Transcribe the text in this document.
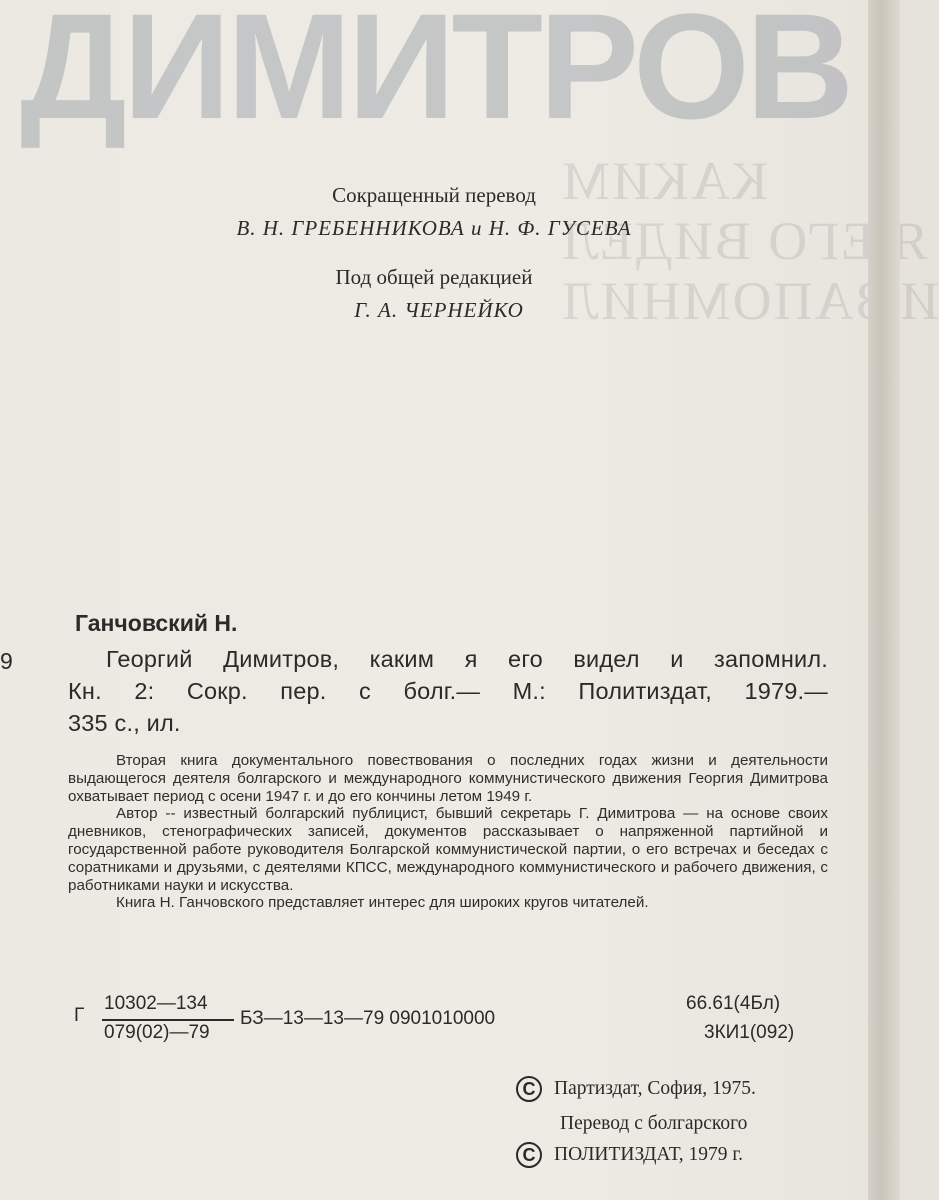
ДИМИТРОВ
КАКИМ
Я ЕГО ВИДЕЛ
И ЗАПОМНИЛ
Сокращенный перевод
В. Н. ГРЕБЕННИКОВА и Н. Ф. ГУСЕВА
Под общей редакцией
Г. А. ЧЕРНЕЙКО
9
Ганчовский Н.
Георгий Димитров, каким я его видел и запомнил.
Кн. 2: Сокр. пер. с болг.— М.: Политиздат, 1979.—
335 с., ил.

Вторая книга документального повествования о последних годах жизни и деятельности выдающегося деятеля болгарского и международного коммунистического движения Георгия Димитрова охватывает период с осени 1947 г. и до его кончины летом 1949 г.

Автор -- известный болгарский публицист, бывший секретарь Г. Димитрова — на основе своих дневников, стенографических записей, документов рассказывает о напряженной партийной и государственной работе руководителя Болгарской коммунистической партии, о его встречах и беседах с соратниками и друзьями, с деятелями КПСС, международного коммунистического и рабочего движения, с работниками науки и искусства.

Книга Н. Ганчовского представляет интерес для широких кругов читателей.

Г
10302—134
079(02)—79
БЗ—13—13—79 0901010000
66.61(4Бл)
3КИ1(092)
C Партиздат, София, 1975.
Перевод с болгарского
C ПОЛИТИЗДАТ, 1979 г.
